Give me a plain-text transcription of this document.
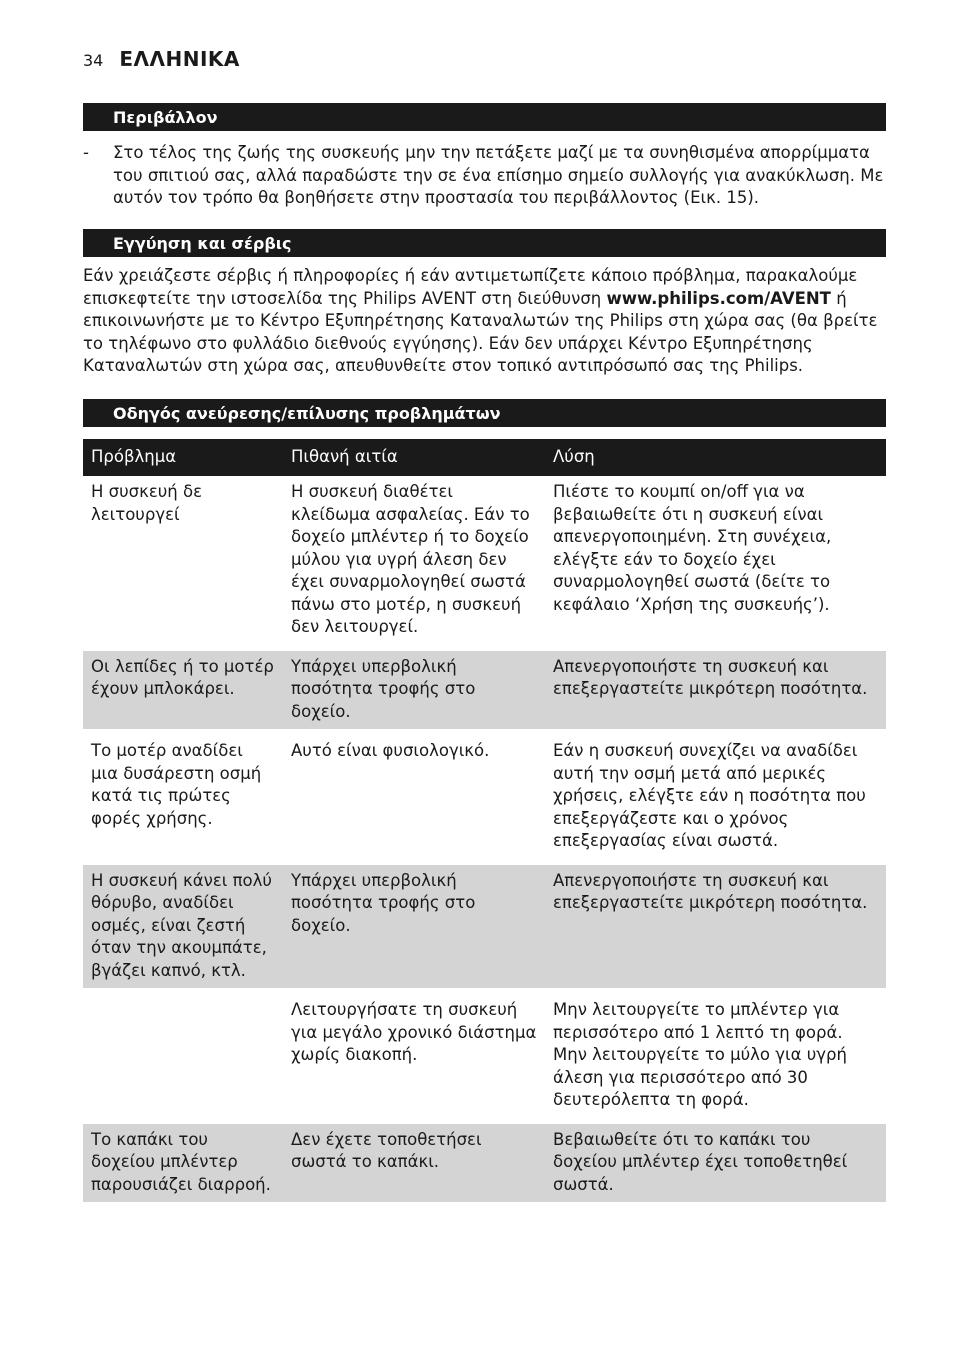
34 ΕΛΛΗΝΙΚΑ
Περιβάλλον
- Στο τέλος της ζωής της συσκευής μην την πετάξετε μαζί με τα συνηθισμένα απορρίμματα του σπιτιού σας, αλλά παραδώστε την σε ένα επίσημο σημείο συλλογής για ανακύκλωση. Με αυτόν τον τρόπο θα βοηθήσετε στην προστασία του περιβάλλοντος (Εικ. 15).
Εγγύηση και σέρβις
Εάν χρειάζεστε σέρβις ή πληροφορίες ή εάν αντιμετωπίζετε κάποιο πρόβλημα, παρακαλούμε επισκεφτείτε την ιστοσελίδα της Philips AVENT στη διεύθυνση www.philips.com/AVENT ή επικοινωνήστε με το Κέντρο Εξυπηρέτησης Καταναλωτών της Philips στη χώρα σας (θα βρείτε το τηλέφωνο στο φυλλάδιο διεθνούς εγγύησης). Εάν δεν υπάρχει Κέντρο Εξυπηρέτησης Καταναλωτών στη χώρα σας, απευθυνθείτε στον τοπικό αντιπρόσωπό σας της Philips.
Οδηγός ανεύρεσης/επίλυσης προβλημάτων
Πρόβλημα	Πιθανή αιτία	Λύση
Η συσκευή δε λειτουργεί	Η συσκευή διαθέτει κλείδωμα ασφαλείας. Εάν το δοχείο μπλέντερ ή το δοχείο μύλου για υγρή άλεση δεν έχει συναρμολογηθεί σωστά πάνω στο μοτέρ, η συσκευή δεν λειτουργεί.	Πιέστε το κουμπί on/off για να βεβαιωθείτε ότι η συσκευή είναι απενεργοποιημένη. Στη συνέχεια, ελέγξτε εάν το δοχείο έχει συναρμολογηθεί σωστά (δείτε το κεφάλαιο ‘Χρήση της συσκευής’).
Οι λεπίδες ή το μοτέρ έχουν μπλοκάρει.	Υπάρχει υπερβολική ποσότητα τροφής στο δοχείο.	Απενεργοποιήστε τη συσκευή και επεξεργαστείτε μικρότερη ποσότητα.
Το μοτέρ αναδίδει μια δυσάρεστη οσμή κατά τις πρώτες φορές χρήσης.	Αυτό είναι φυσιολογικό.	Εάν η συσκευή συνεχίζει να αναδίδει αυτή την οσμή μετά από μερικές χρήσεις, ελέγξτε εάν η ποσότητα που επεξεργάζεστε και ο χρόνος επεξεργασίας είναι σωστά.
Η συσκευή κάνει πολύ θόρυβο, αναδίδει οσμές, είναι ζεστή όταν την ακουμπάτε, βγάζει καπνό, κτλ.	Υπάρχει υπερβολική ποσότητα τροφής στο δοχείο.	Απενεργοποιήστε τη συσκευή και επεξεργαστείτε μικρότερη ποσότητα.
	Λειτουργήσατε τη συσκευή για μεγάλο χρονικό διάστημα χωρίς διακοπή.	Μην λειτουργείτε το μπλέντερ για περισσότερο από 1 λεπτό τη φορά. Μην λειτουργείτε το μύλο για υγρή άλεση για περισσότερο από 30 δευτερόλεπτα τη φορά.
Το καπάκι του δοχείου μπλέντερ παρουσιάζει διαρροή.	Δεν έχετε τοποθετήσει σωστά το καπάκι.	Βεβαιωθείτε ότι το καπάκι του δοχείου μπλέντερ έχει τοποθετηθεί σωστά.
